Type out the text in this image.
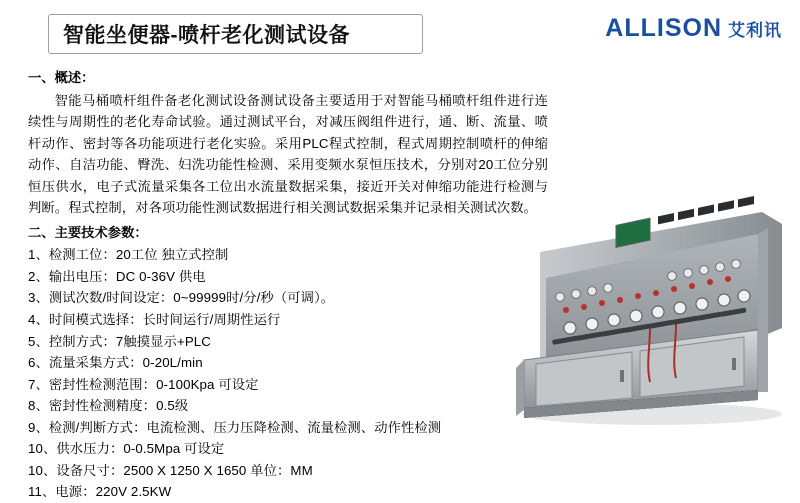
ALLISON 艾利讯
智能坐便器-喷杆老化测试设备

一、概述：

智能马桶喷杆组件备老化测试设备测试设备主要适用于对智能马桶喷杆组件进行连续性与周期性的老化寿命试验。通过测试平台，对减压阀组件进行，通、断、流量、喷杆动作、密封等各功能项进行老化实验。采用PLC程式控制，程式周期控制喷杆的伸缩动作、自洁功能、臀洗、妇洗功能性检测、采用变频水泵恒压技术，分别对20工位分别恒压供水，电子式流量采集各工位出水流量数据采集，接近开关对伸缩功能进行检测与判断。程式控制，对各项功能性测试数据进行相关测试数据采集并记录相关测试次数。

二、主要技术参数：

1、检测工位：20工位 独立式控制
2、输出电压：DC 0-36V 供电
3、测试次数/时间设定：0~99999时/分/秒（可调）。
4、时间模式选择：长时间运行/周期性运行
5、控制方式：7触摸显示+PLC
6、流量采集方式：0-20L/min
7、密封性检测范围：0-100Kpa 可设定
8、密封性检测精度：0.5级
9、检测/判断方式：电流检测、压力压降检测、流量检测、动作性检测
10、供水压力：0-0.5Mpa 可设定
10、设备尺寸：2500 X 1250 X 1650 单位：MM
11、电源：220V 2.5KW
